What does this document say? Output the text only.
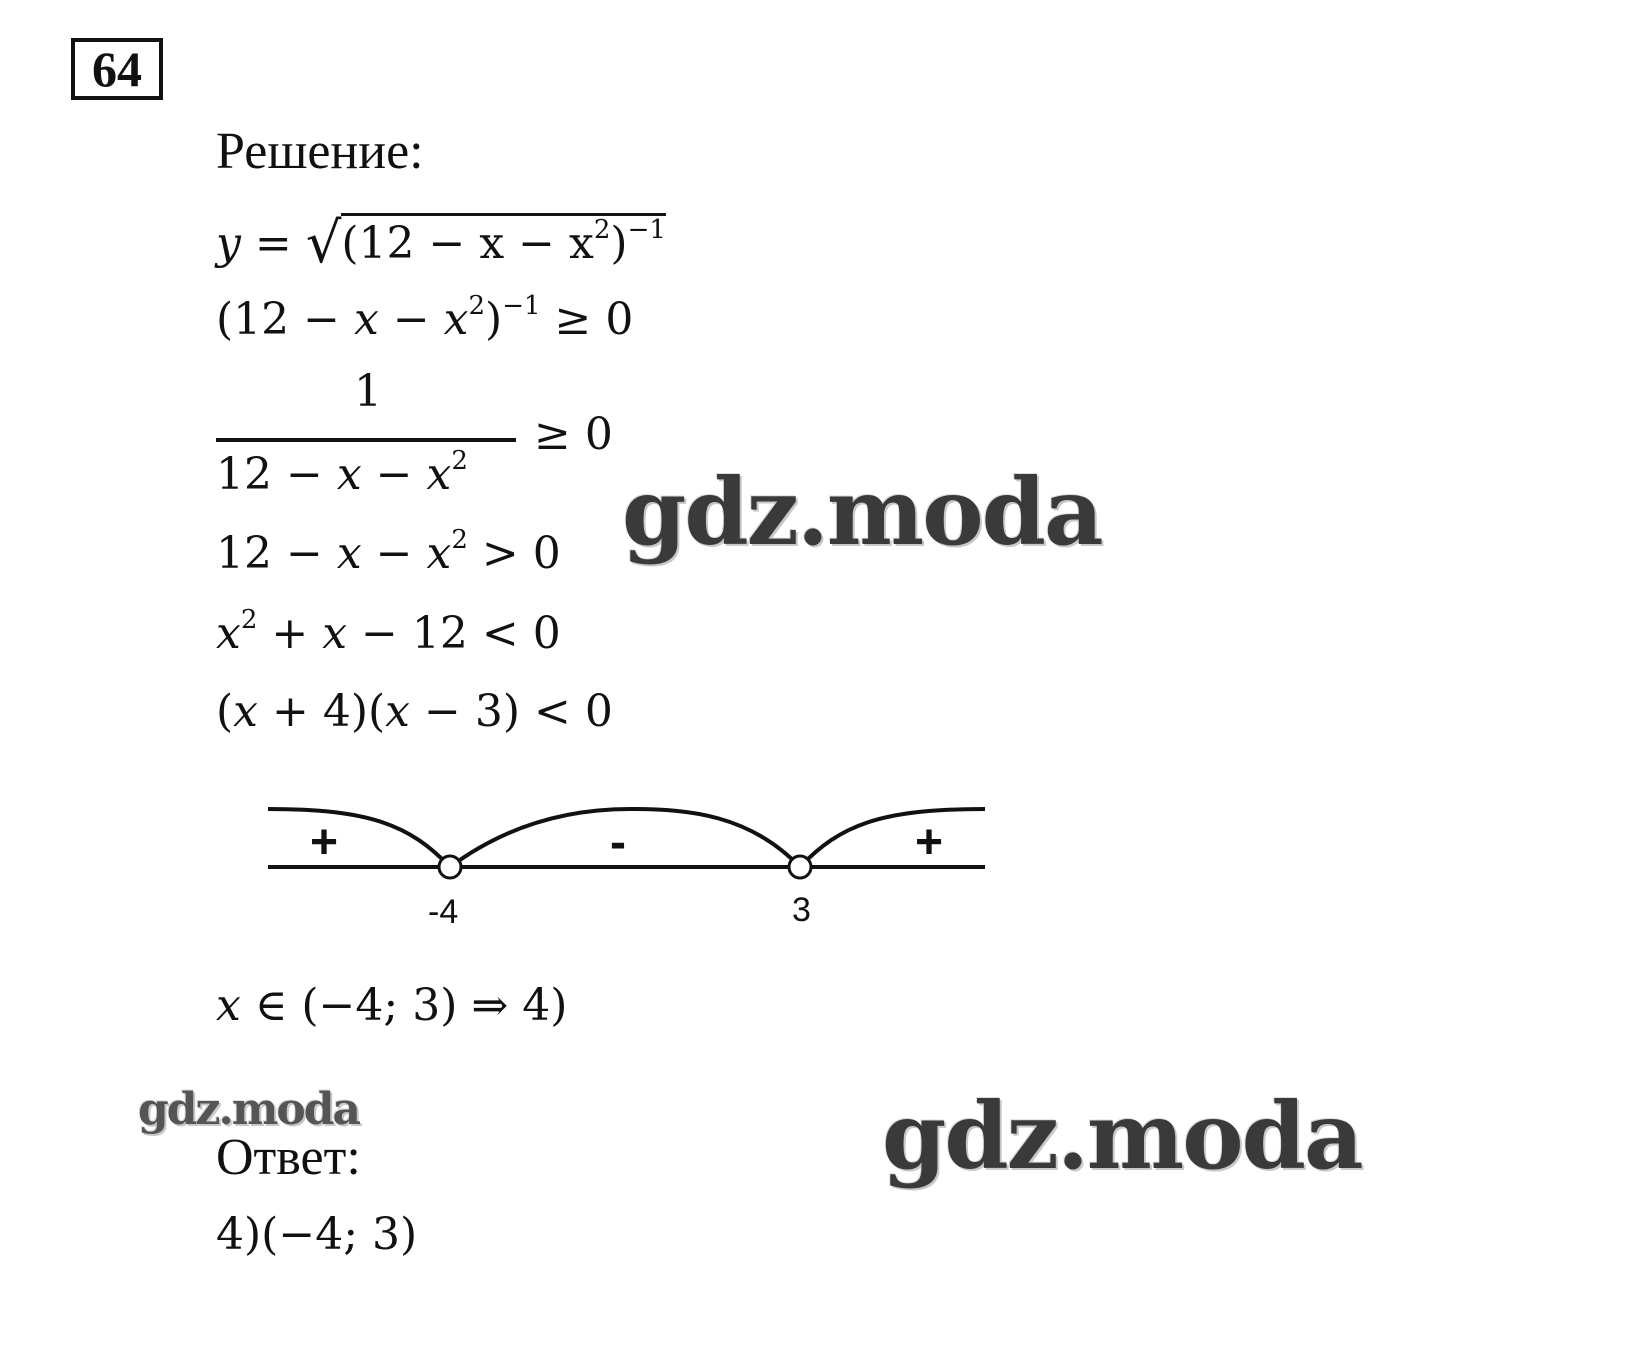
64
Решение:
$y = √(12 - x - x^2)^{-1}$
$(12 - x - x^2)^{-1} \ge 0$
1
$12 - x - x^2$
≥ 0
$12 - x - x^2 > 0$
$x^2 + x - 12 < 0$
(x + 4)(x − 3) < 0
+	-	+
-4	3
x ∈ (−4; 3) ⇒ 4)
Ответ:
4)(−4; 3)
gdz.moda
gdz.moda	gdz.moda
